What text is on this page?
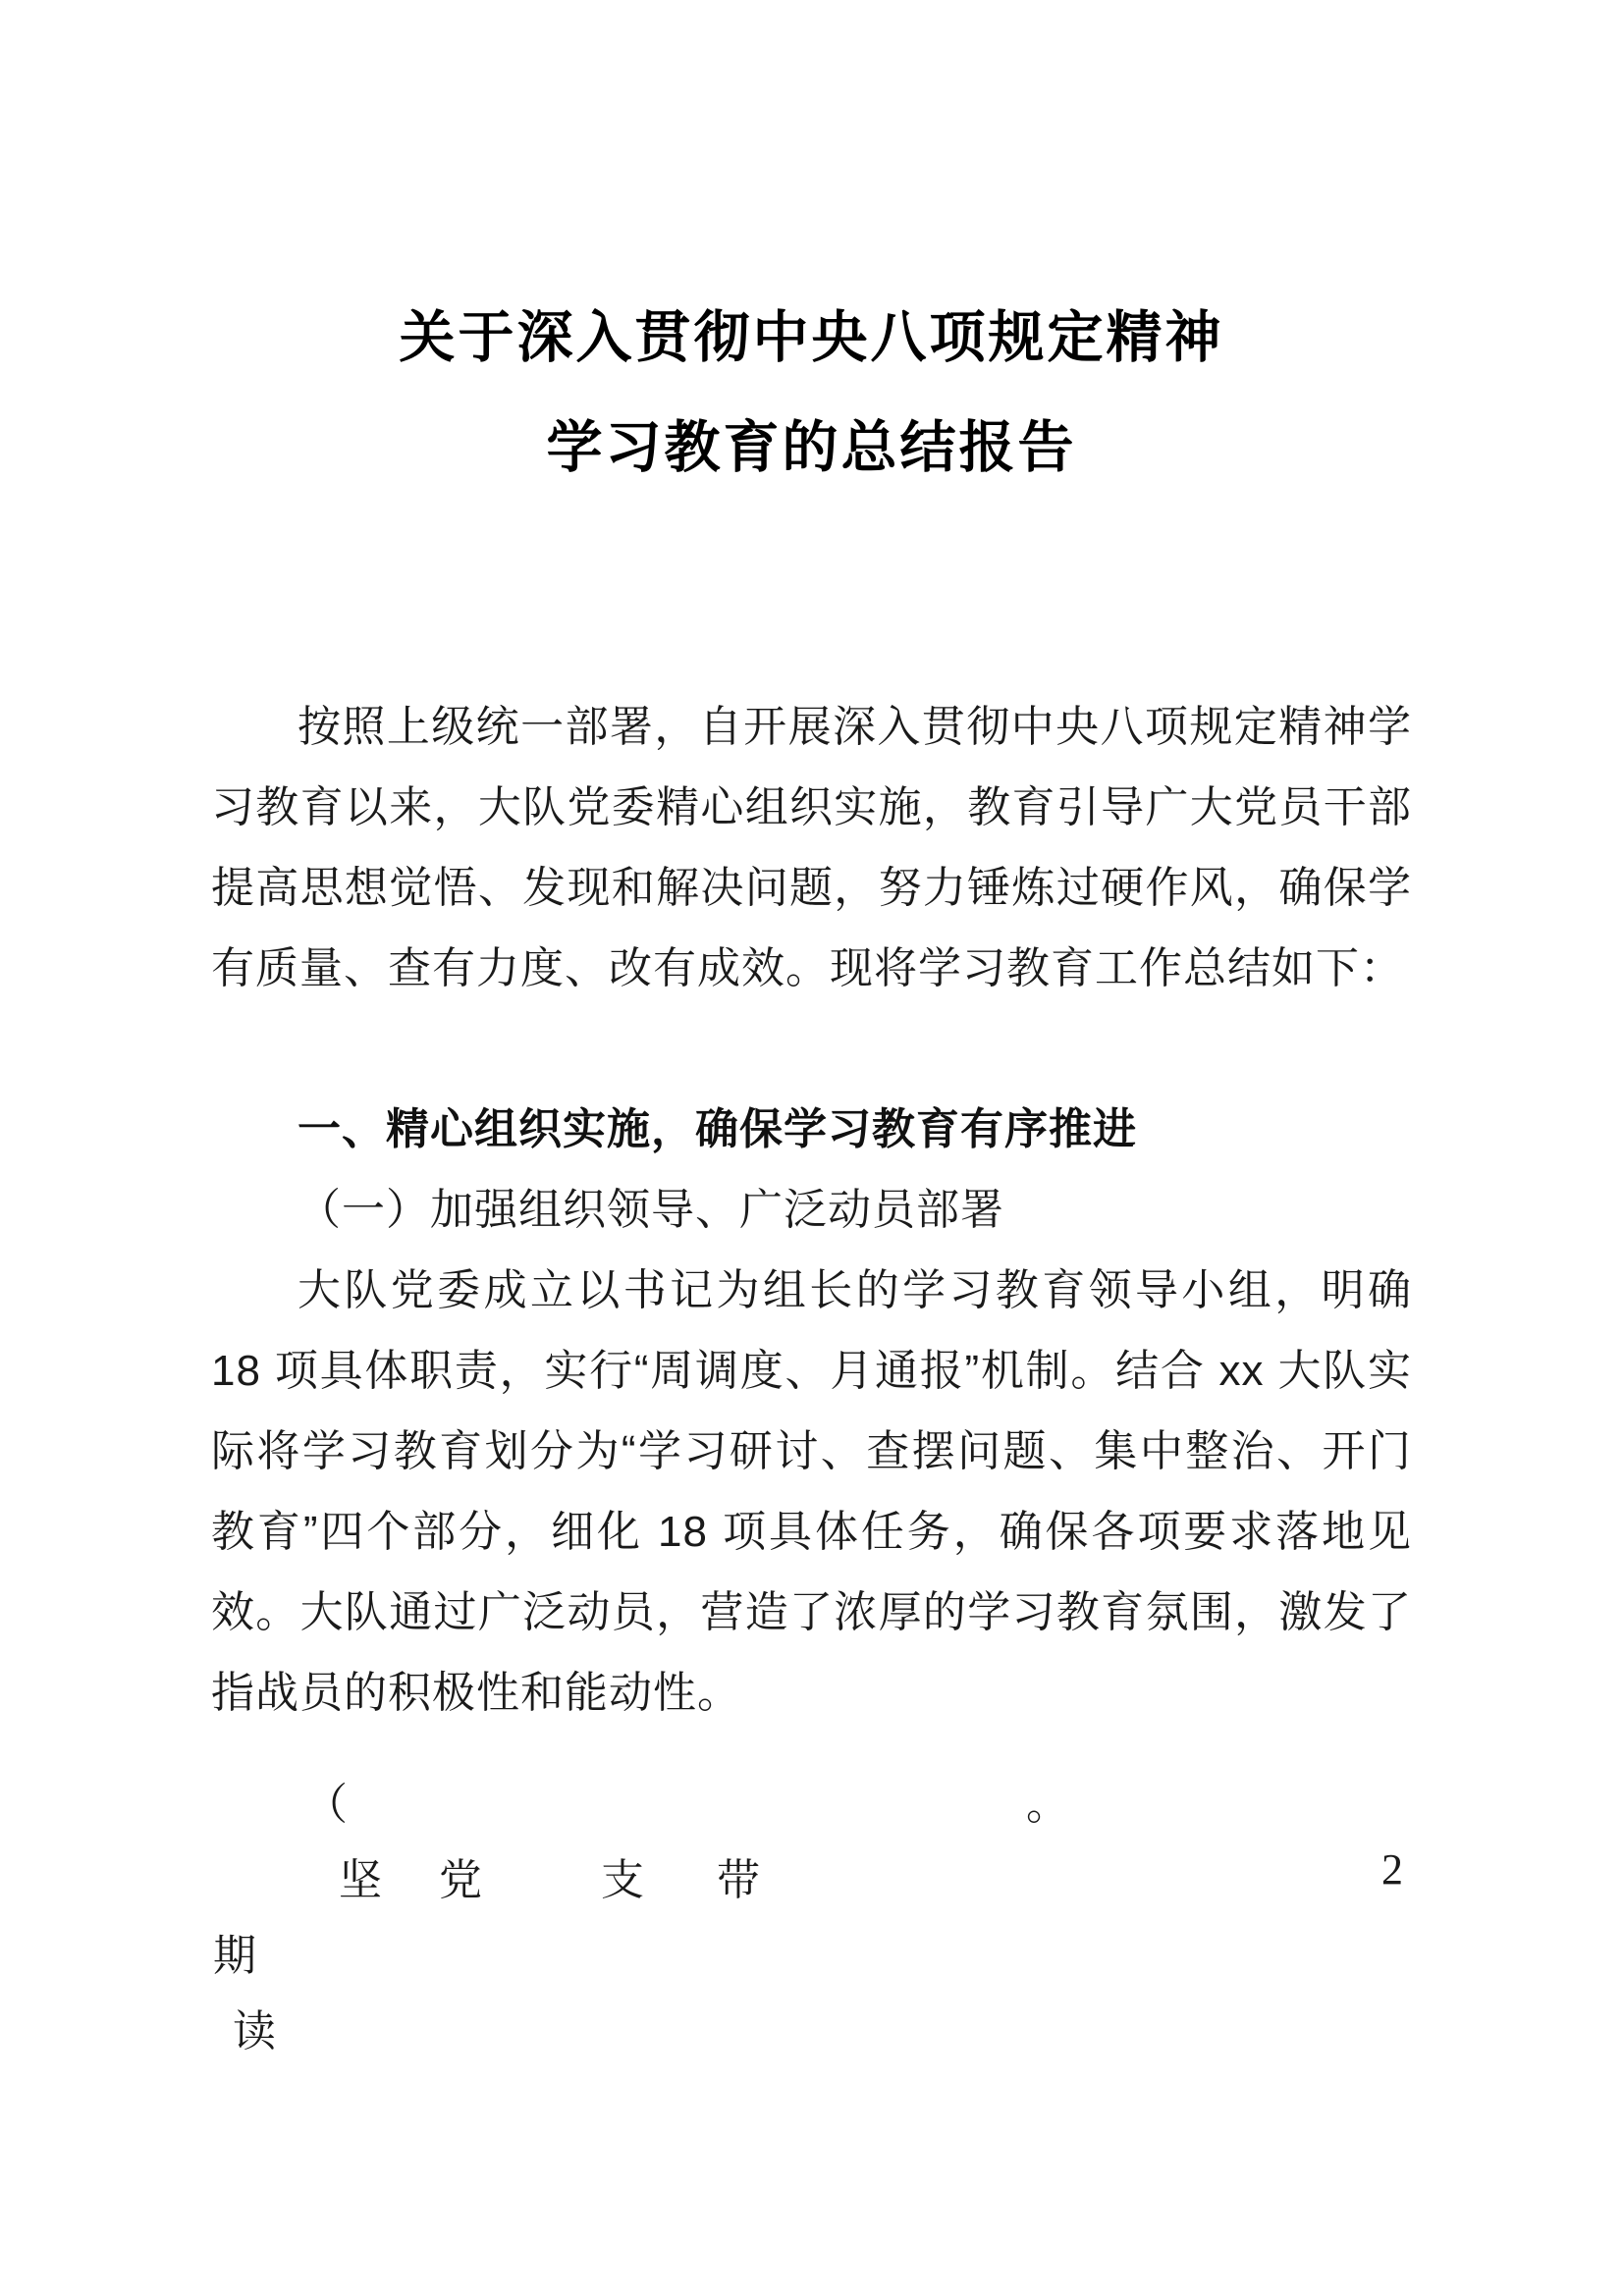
关于深入贯彻中央八项规定精神
学习教育的总结报告

按照上级统一部署，自开展深入贯彻中央八项规定精神学习教育以来，大队党委精心组织实施，教育引导广大党员干部提高思想觉悟、发现和解决问题，努力锤炼过硬作风，确保学有质量、查有力度、改有成效。现将学习教育工作总结如下：

一、精心组织实施，确保学习教育有序推进

（一）加强组织领导、广泛动员部署

大队党委成立以书记为组长的学习教育领导小组，明确 18 项具体职责，实行“周调度、月通报”机制。结合 xx 大队实际将学习教育划分为“学习研讨、查摆问题、集中整治、开门教育”四个部分，细化 18 项具体任务，确保各项要求落地见效。大队通过广泛动员，营造了浓厚的学习教育氛围，激发了指战员的积极性和能动性。

（	。
坚 党	支 带	2
期
读
